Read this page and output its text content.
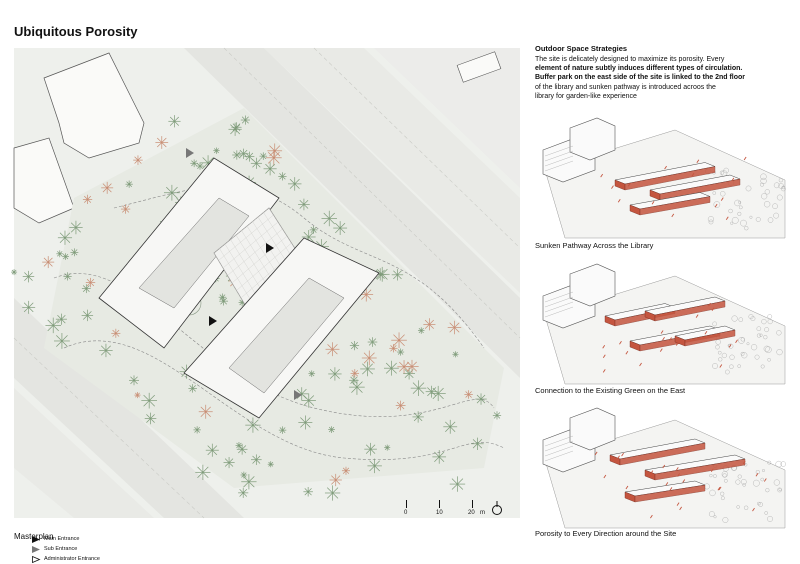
Ubiquitous Porosity
Main Entrance
Sub Entrance
Administrator Entrance
0	10	20 m
Masterplan
Outdoor Space Strategies

The site is delicately designed to maximize its porosity. Every
element of nature subtly induces different types of circulation.
Buffer park on the east side of the site is linked to the 2nd floor
of the library and sunken pathway is introduced acroos the
library for garden-like experience

Sunken Pathway Across the Library
Connection to the Existing Green on the East
Porosity to Every Direction around the Site
